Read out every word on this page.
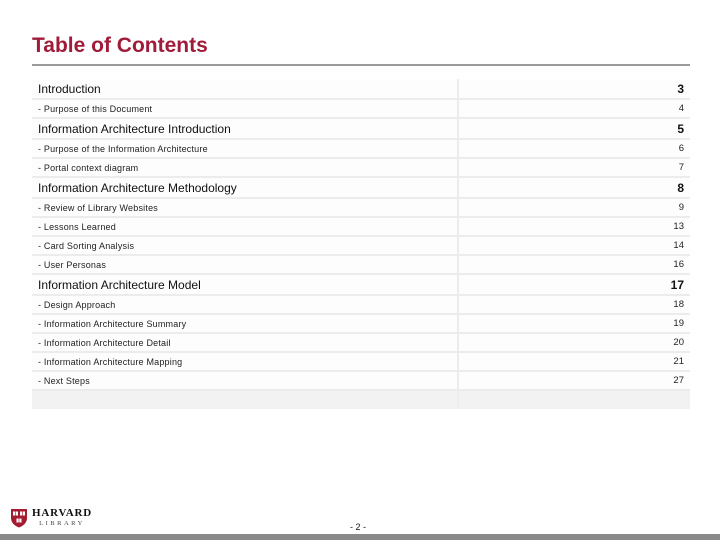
Table of Contents
Introduction	3
- Purpose of this Document	4
Information Architecture Introduction	5
- Purpose of the Information Architecture	6
- Portal context diagram	7
Information Architecture Methodology	8
- Review of Library Websites	9
- Lessons Learned	13
- Card Sorting Analysis	14
- User Personas	16
Information Architecture Model	17
- Design Approach	18
- Information Architecture Summary	19
- Information Architecture Detail	20
- Information Architecture Mapping	21
- Next Steps	27
HARVARD
LIBRARY	- 2 -
